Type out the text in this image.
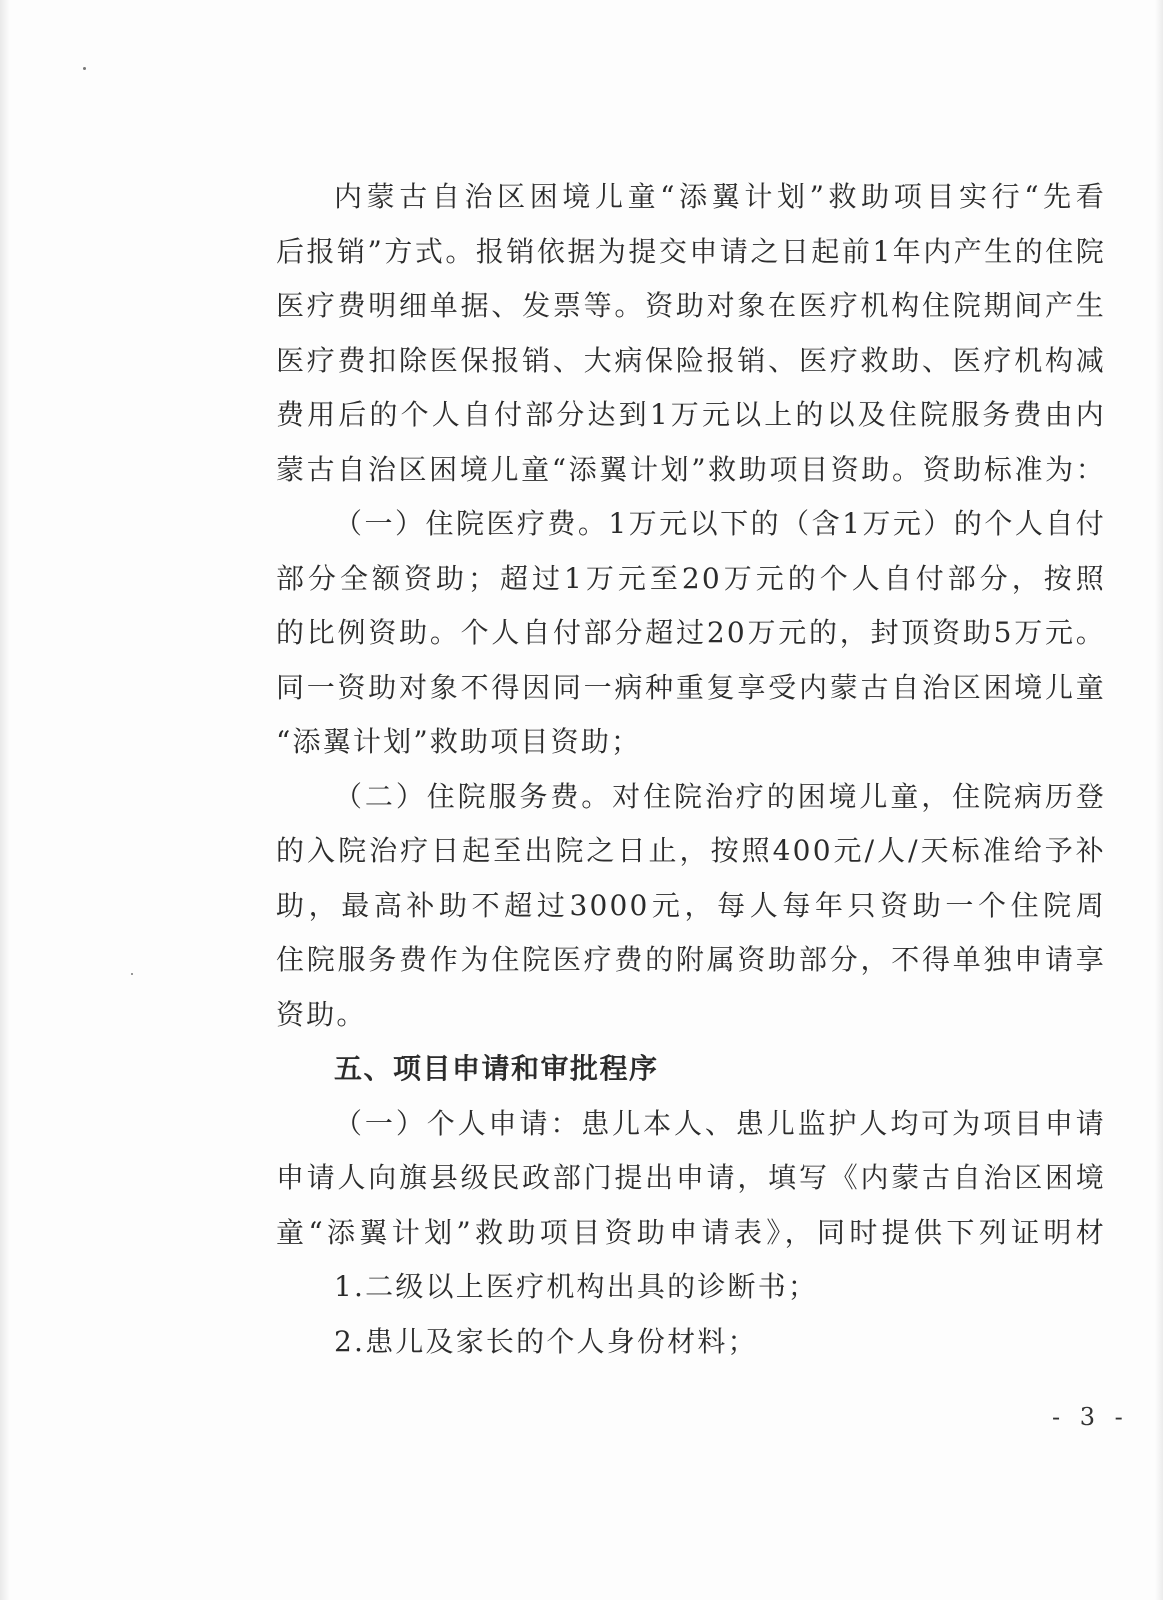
内蒙古自治区困境儿童“添翼计划”救助项目实行“先看
后报销”方式。报销依据为提交申请之日起前1年内产生的住院
医疗费明细单据、发票等。资助对象在医疗机构住院期间产生
医疗费扣除医保报销、大病保险报销、医疗救助、医疗机构减
费用后的个人自付部分达到1万元以上的以及住院服务费由内
蒙古自治区困境儿童“添翼计划”救助项目资助。资助标准为：
（一）住院医疗费。1万元以下的（含1万元）的个人自付
部分全额资助；超过1万元至20万元的个人自付部分，按照
的比例资助。个人自付部分超过20万元的，封顶资助5万元。
同一资助对象不得因同一病种重复享受内蒙古自治区困境儿童
“添翼计划”救助项目资助；
（二）住院服务费。对住院治疗的困境儿童，住院病历登
的入院治疗日起至出院之日止，按照400元/人/天标准给予补
助，最高补助不超过3000元，每人每年只资助一个住院周
住院服务费作为住院医疗费的附属资助部分，不得单独申请享
资助。
五、项目申请和审批程序
（一）个人申请：患儿本人、患儿监护人均可为项目申请
申请人向旗县级民政部门提出申请，填写《内蒙古自治区困境
童“添翼计划”救助项目资助申请表》，同时提供下列证明材
1.二级以上医疗机构出具的诊断书；
2.患儿及家长的个人身份材料；
- 3 -
